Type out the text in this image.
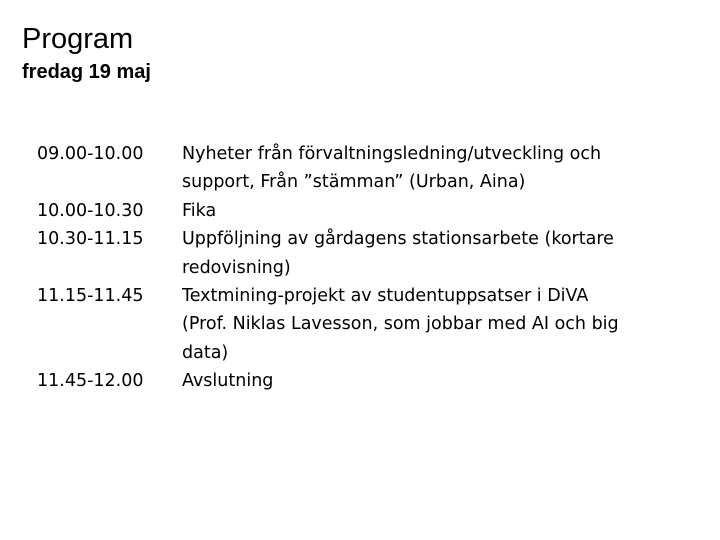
Program
fredag 19 maj
09.00-10.00	Nyheter från förvaltningsledning/utveckling och
support, Från ”stämman” (Urban, Aina)
10.00-10.30	Fika
10.30-11.15	Uppföljning av gårdagens stationsarbete (kortare
redovisning)
11.15-11.45	Textmining-projekt av studentuppsatser i DiVA
(Prof. Niklas Lavesson, som jobbar med AI och big
data)
11.45-12.00	Avslutning
